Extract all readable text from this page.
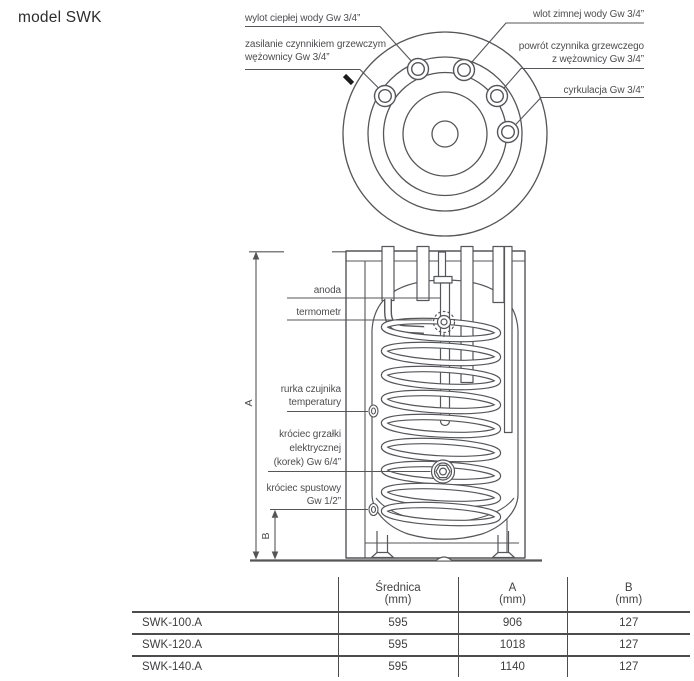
model SWK
A
B
wylot ciepłej wody Gw 3/4”
zasilanie czynnikiem grzewczym
wężownicy Gw 3/4”
wlot zimnej wody Gw 3/4”
powrót czynnika grzewczego
z wężownicy Gw 3/4”
cyrkulacja Gw 3/4”
anoda
termometr
rurka czujnika
temperatury
króciec grzałki
elektrycznej
(korek) Gw 6/4”
króciec spustowy
Gw 1/2”

Średnica
(mm)

A
(mm)

B
(mm)

SWK-100.A	595	906	127
SWK-120.A	595	1018	127
SWK-140.A	595	1140	127
